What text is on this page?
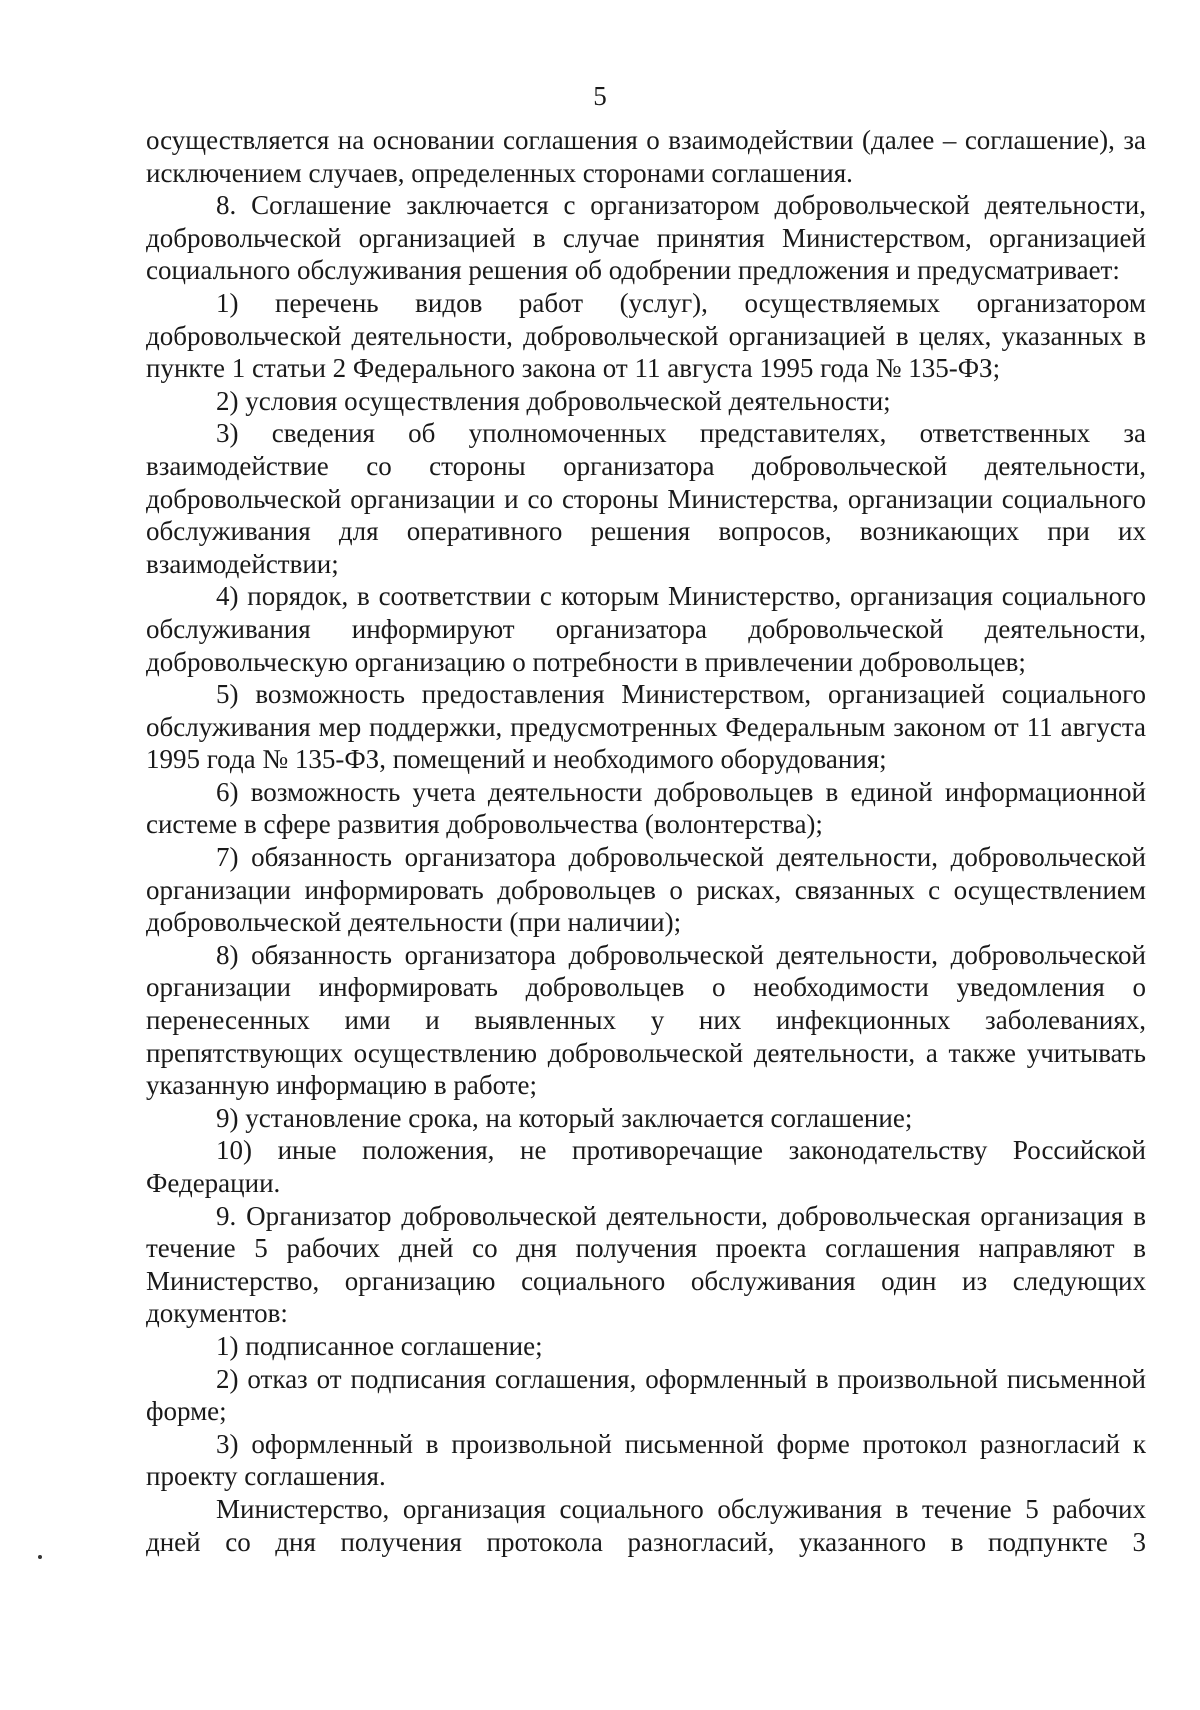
5

осуществляется на основании соглашения о взаимодействии (далее – соглашение), за исключением случаев, определенных сторонами соглашения.

8. Соглашение заключается с организатором добровольческой деятельности, добровольческой организацией в случае принятия Министерством, организацией социального обслуживания решения об одобрении предложения и предусматривает:

1) перечень видов работ (услуг), осуществляемых организатором добровольческой деятельности, добровольческой организацией в целях, указанных в пункте 1 статьи 2 Федерального закона от 11 августа 1995 года № 135-ФЗ;

2) условия осуществления добровольческой деятельности;

3) сведения об уполномоченных представителях, ответственных за взаимодействие со стороны организатора добровольческой деятельности, добровольческой организации и со стороны Министерства, организации социального обслуживания для оперативного решения вопросов, возникающих при их взаимодействии;

4) порядок, в соответствии с которым Министерство, организация социального обслуживания информируют организатора добровольческой деятельности, добровольческую организацию о потребности в привлечении добровольцев;

5) возможность предоставления Министерством, организацией социального обслуживания мер поддержки, предусмотренных Федеральным законом от 11 августа 1995 года № 135-ФЗ, помещений и необходимого оборудования;

6) возможность учета деятельности добровольцев в единой информационной системе в сфере развития добровольчества (волонтерства);

7) обязанность организатора добровольческой деятельности, добровольческой организации информировать добровольцев о рисках, связанных с осуществлением добровольческой деятельности (при наличии);

8) обязанность организатора добровольческой деятельности, добровольческой организации информировать добровольцев о необходимости уведомления о перенесенных ими и выявленных у них инфекционных заболеваниях, препятствующих осуществлению добровольческой деятельности, а также учитывать указанную информацию в работе;

9) установление срока, на который заключается соглашение;

10) иные положения, не противоречащие законодательству Российской Федерации.

9. Организатор добровольческой деятельности, добровольческая организация в течение 5 рабочих дней со дня получения проекта соглашения направляют в Министерство, организацию социального обслуживания один из следующих документов:

1) подписанное соглашение;

2) отказ от подписания соглашения, оформленный в произвольной письменной форме;

3) оформленный в произвольной письменной форме протокол разногласий к проекту соглашения.

Министерство, организация социального обслуживания в течение 5 рабочих дней со дня получения протокола разногласий, указанного в подпункте 3
